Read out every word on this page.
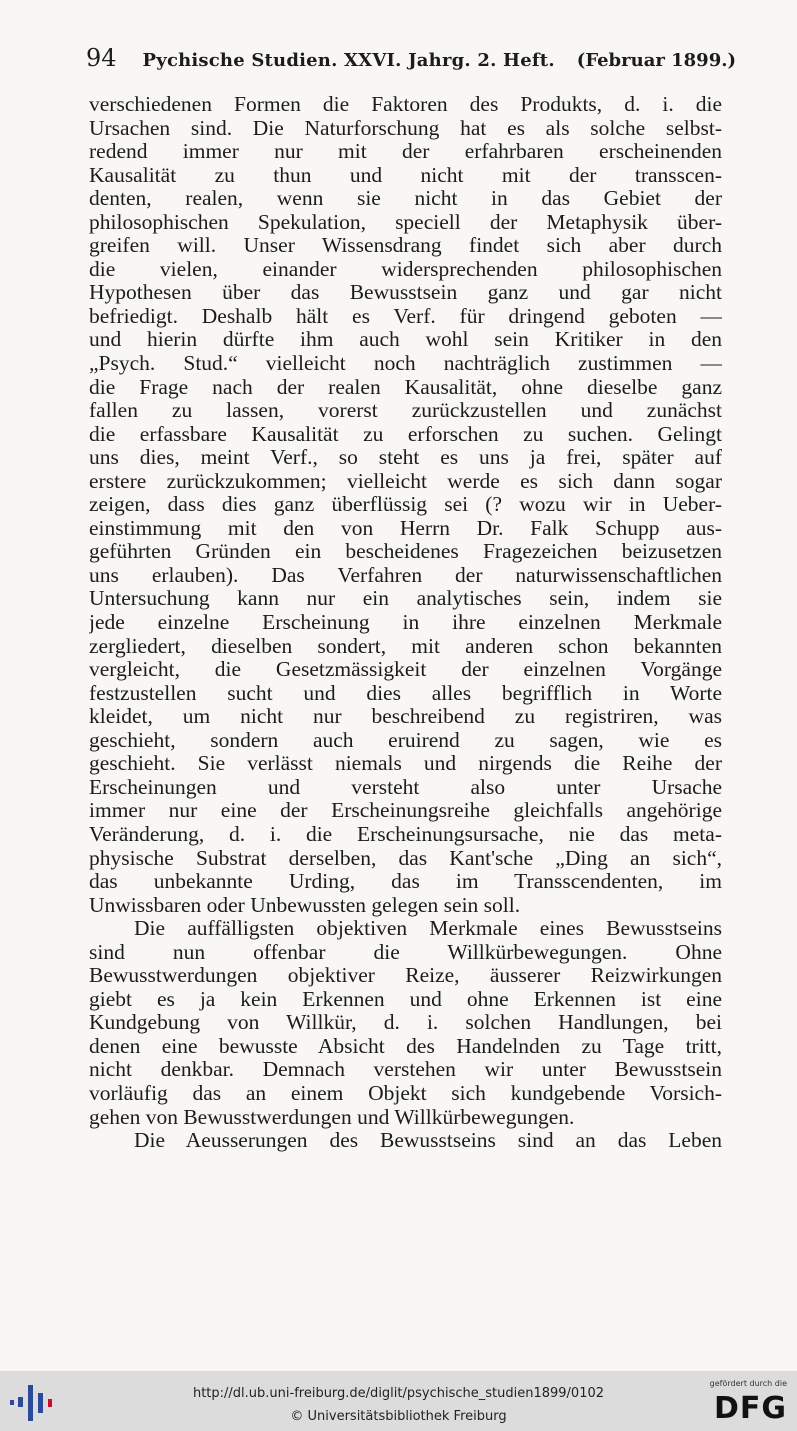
94 Pychische Studien. XXVI. Jahrg. 2. Heft. (Februar 1899.)
verschiedenen Formen die Faktoren des Produkts, d. i. die
Ursachen sind. Die Naturforschung hat es als solche selbst-
redend immer nur mit der erfahrbaren erscheinenden
Kausalität zu thun und nicht mit der transscen-
denten, realen, wenn sie nicht in das Gebiet der
philosophischen Spekulation, speciell der Metaphysik über-
greifen will. Unser Wissensdrang findet sich aber durch
die vielen, einander widersprechenden philosophischen
Hypothesen über das Bewusstsein ganz und gar nicht
befriedigt. Deshalb hält es Verf. für dringend geboten —
und hierin dürfte ihm auch wohl sein Kritiker in den
„Psych. Stud.“ vielleicht noch nachträglich zustimmen —
die Frage nach der realen Kausalität, ohne dieselbe ganz
fallen zu lassen, vorerst zurückzustellen und zunächst
die erfassbare Kausalität zu erforschen zu suchen. Gelingt
uns dies, meint Verf., so steht es uns ja frei, später auf
erstere zurückzukommen; vielleicht werde es sich dann sogar
zeigen, dass dies ganz überflüssig sei (? wozu wir in Ueber-
einstimmung mit den von Herrn Dr. Falk Schupp aus-
geführten Gründen ein bescheidenes Fragezeichen beizusetzen
uns erlauben). Das Verfahren der naturwissenschaftlichen
Untersuchung kann nur ein analytisches sein, indem sie
jede einzelne Erscheinung in ihre einzelnen Merkmale
zergliedert, dieselben sondert, mit anderen schon bekannten
vergleicht, die Gesetzmässigkeit der einzelnen Vorgänge
festzustellen sucht und dies alles begrifflich in Worte
kleidet, um nicht nur beschreibend zu registriren, was
geschieht, sondern auch eruirend zu sagen, wie es
geschieht. Sie verlässt niemals und nirgends die Reihe der
Erscheinungen und versteht also unter Ursache
immer nur eine der Erscheinungsreihe gleichfalls angehörige
Veränderung, d. i. die Erscheinungsursache, nie das meta-
physische Substrat derselben, das Kant'sche „Ding an sich“,
das unbekannte Urding, das im Transscendenten, im
Unwissbaren oder Unbewussten gelegen sein soll.
Die auffälligsten objektiven Merkmale eines Bewusstseins
sind nun offenbar die Willkürbewegungen. Ohne
Bewusstwerdungen objektiver Reize, äusserer Reizwirkungen
giebt es ja kein Erkennen und ohne Erkennen ist eine
Kundgebung von Willkür, d. i. solchen Handlungen, bei
denen eine bewusste Absicht des Handelnden zu Tage tritt,
nicht denkbar. Demnach verstehen wir unter Bewusstsein
vorläufig das an einem Objekt sich kundgebende Vorsich-
gehen von Bewusstwerdungen und Willkürbewegungen.
Die Aeusserungen des Bewusstseins sind an das Leben
http://dl.ub.uni-freiburg.de/diglit/psychische_studien1899/0102
© Universitätsbibliothek Freiburg
gefördert durch die
DFG
